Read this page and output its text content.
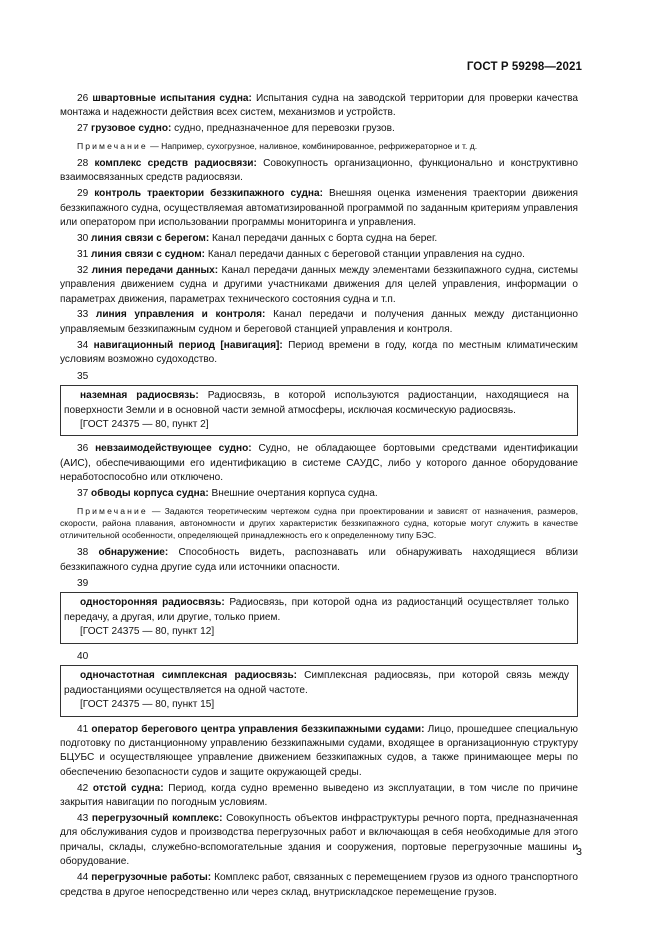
ГОСТ Р 59298—2021

26 швартовные испытания судна: Испытания судна на заводской территории для проверки качества монтажа и надежности действия всех систем, механизмов и устройств.

27 грузовое судно: судно, предназначенное для перевозки грузов.

Примечание — Например, сухогрузное, наливное, комбинированное, рефрижераторное и т. д.

28 комплекс средств радиосвязи: Совокупность организационно, функционально и конструктивно взаимосвязанных средств радиосвязи.

29 контроль траектории беззкипажного судна: Внешняя оценка изменения траектории движения беззкипажного судна, осуществляемая автоматизированной программой по заданным критериям управления или оператором при использовании программы мониторинга и управления.

30 линия связи с берегом: Канал передачи данных с борта судна на берег.

31 линия связи с судном: Канал передачи данных с береговой станции управления на судно.

32 линия передачи данных: Канал передачи данных между элементами беззкипажного судна, системы управления движением судна и другими участниками движения для целей управления, информации о параметрах движения, параметрах технического состояния судна и т.п.

33 линия управления и контроля: Канал передачи и получения данных между дистанционно управляемым беззкипажным судном и береговой станцией управления и контроля.

34 навигационный период [навигация]: Период времени в году, когда по местным климатическим условиям возможно судоходство.

35

наземная радиосвязь: Радиосвязь, в которой используются радиостанции, находящиеся на поверхности Земли и в основной части земной атмосферы, исключая космическую радиосвязь.

[ГОСТ 24375 — 80, пункт 2]

36 невзаимодействующее судно: Судно, не обладающее бортовыми средствами идентификации (АИС), обеспечивающими его идентификацию в системе САУДС, либо у которого данное оборудование неработоспособно или отключено.

37 обводы корпуса судна: Внешние очертания корпуса судна.

Примечание — Задаются теоретическим чертежом судна при проектировании и зависят от назначения, размеров, скорости, района плавания, автономности и других характеристик беззкипажного судна, которые могут служить в качестве отличительной особенности, определяющей принадлежность его к определенному типу БЭС.

38 обнаружение: Способность видеть, распознавать или обнаруживать находящиеся вблизи беззкипажного судна другие суда или источники опасности.

39

односторонняя радиосвязь: Радиосвязь, при которой одна из радиостанций осуществляет только передачу, а другая, или другие, только прием.

[ГОСТ 24375 — 80, пункт 12]

40

одночастотная симплексная радиосвязь: Симплексная радиосвязь, при которой связь между радиостанциями осуществляется на одной частоте.

[ГОСТ 24375 — 80, пункт 15]

41 оператор берегового центра управления беззкипажными судами: Лицо, прошедшее специальную подготовку по дистанционному управлению беззкипажными судами, входящее в организационную структуру БЦУБС и осуществляющее управление движением беззкипажных судов, а также принимающее меры по обеспечению безопасности судов и защите окружающей среды.

42 отстой судна: Период, когда судно временно выведено из эксплуатации, в том числе по причине закрытия навигации по погодным условиям.

43 перегрузочный комплекс: Совокупность объектов инфраструктуры речного порта, предназначенная для обслуживания судов и производства перегрузочных работ и включающая в себя необходимые для этого причалы, склады, служебно-вспомогательные здания и сооружения, портовые перегрузочные машины и оборудование.

44 перегрузочные работы: Комплекс работ, связанных с перемещением грузов из одного транспортного средства в другое непосредственно или через склад, внутрискладское перемещение грузов.

3
